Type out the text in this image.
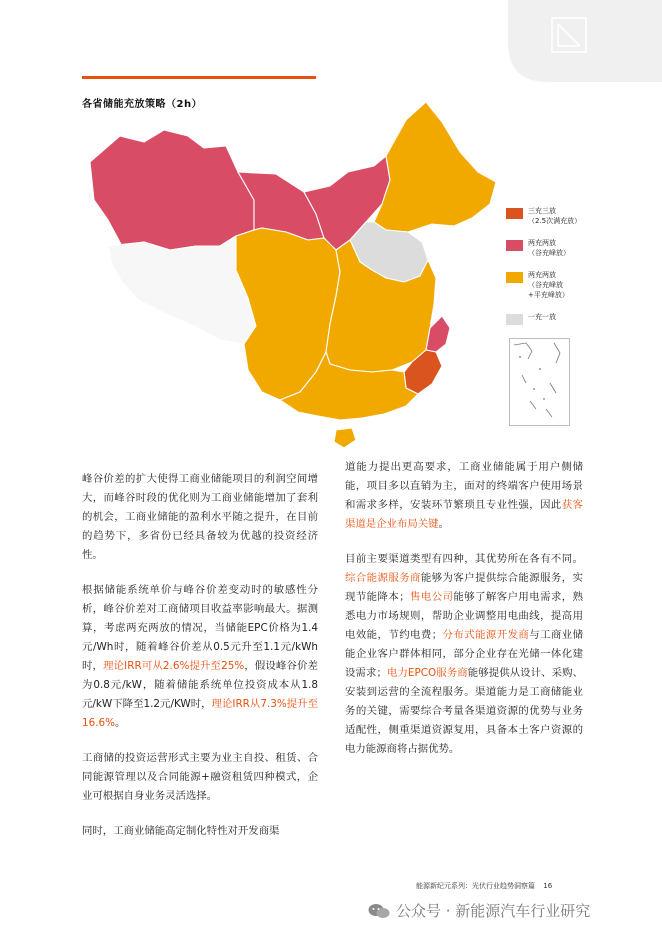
各省储能充放策略（2h）
三充三放
（2.5次满充放）
两充两放
（谷充峰放）
两充两放
（谷充峰放
+平充峰放）
一充一放

峰谷价差的扩大使得工商业储能项目的利润空间增大，而峰谷时段的优化则为工商业储能增加了套利的机会，工商业储能的盈利水平随之提升，在目前的趋势下，多省份已经具备较为优越的投资经济性。

根据储能系统单价与峰谷价差变动时的敏感性分析，峰谷价差对工商储项目收益率影响最大。据测算，考虑两充两放的情况，当储能EPC价格为1.4元/Wh时，随着峰谷价差从0.5元升至1.1元/kWh时，理论IRR可从2.6%提升至25%，假设峰谷价差为0.8元/kW，随着储能系统单位投资成本从1.8元/kW下降至1.2元/KW时，理论IRR从7.3%提升至16.6%。

工商储的投资运营形式主要为业主自投、租赁、合同能源管理以及合同能源+融资租赁四种模式，企业可根据自身业务灵活选择。

同时，工商业储能高定制化特性对开发商渠

道能力提出更高要求，工商业储能属于用户侧储能，项目多以直销为主，面对的终端客户使用场景和需求多样，安装环节繁琐且专业性强，因此获客渠道是企业布局关键。

目前主要渠道类型有四种，其优势所在各有不同。综合能源服务商能够为客户提供综合能源服务，实现节能降本；售电公司能够了解客户用电需求，熟悉电力市场规则，帮助企业调整用电曲线，提高用电效能，节约电费；分布式能源开发商与工商业储能企业客户群体相同，部分企业存在光储一体化建设需求；电力EPCO服务商能够提供从设计、采购、安装到运营的全流程服务。渠道能力是工商储能业务的关键，需要综合考量各渠道资源的优势与业务适配性，侧重渠道资源复用，具备本土客户资源的电力能源商将占据优势。

能源新纪元系列：光伏行业趋势洞察篇 16
公众号 · 新能源汽车行业研究
